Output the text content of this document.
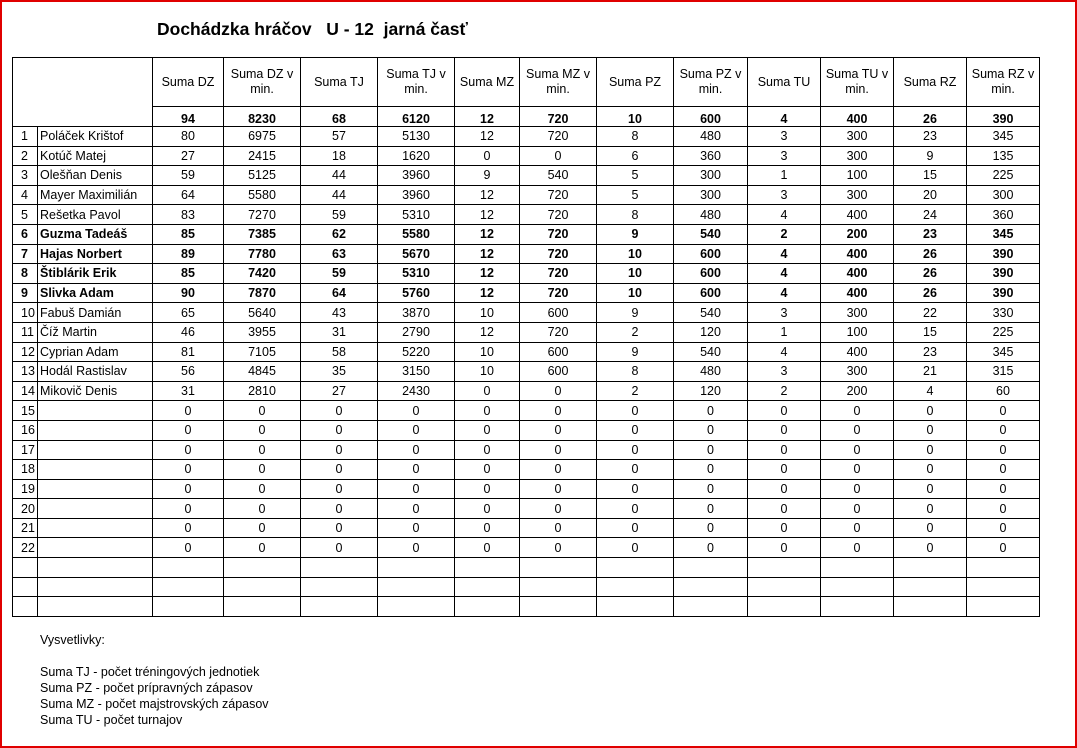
Dochádzka hráčov   U - 12  jarná časť
		Suma DZ	Suma DZ v min.	Suma TJ	Suma TJ v min.	Suma MZ	Suma MZ v min.	Suma PZ	Suma PZ v min.	Suma TU	Suma TU v min.	Suma RZ	Suma RZ v min.
		94	8230	68	6120	12	720	10	600	4	400	26	390
1	Poláček Krištof	80	6975	57	5130	12	720	8	480	3	300	23	345
2	Kotúč Matej	27	2415	18	1620	0	0	6	360	3	300	9	135
3	Olešňan Denis	59	5125	44	3960	9	540	5	300	1	100	15	225
4	Mayer Maximilián	64	5580	44	3960	12	720	5	300	3	300	20	300
5	Rešetka Pavol	83	7270	59	5310	12	720	8	480	4	400	24	360
6	Guzma Tadeáš	85	7385	62	5580	12	720	9	540	2	200	23	345
7	Hajas Norbert	89	7780	63	5670	12	720	10	600	4	400	26	390
8	Štiblárik Erik	85	7420	59	5310	12	720	10	600	4	400	26	390
9	Slivka Adam	90	7870	64	5760	12	720	10	600	4	400	26	390
10	Fabuš Damián	65	5640	43	3870	10	600	9	540	3	300	22	330
11	Číž Martin	46	3955	31	2790	12	720	2	120	1	100	15	225
12	Cyprian Adam	81	7105	58	5220	10	600	9	540	4	400	23	345
13	Hodál Rastislav	56	4845	35	3150	10	600	8	480	3	300	21	315
14	Mikovič Denis	31	2810	27	2430	0	0	2	120	2	200	4	60
15		0	0	0	0	0	0	0	0	0	0	0	0
16		0	0	0	0	0	0	0	0	0	0	0	0
17		0	0	0	0	0	0	0	0	0	0	0	0
18		0	0	0	0	0	0	0	0	0	0	0	0
19		0	0	0	0	0	0	0	0	0	0	0	0
20		0	0	0	0	0	0	0	0	0	0	0	0
21		0	0	0	0	0	0	0	0	0	0	0	0
22		0	0	0	0	0	0	0	0	0	0	0	0

Vysvetlivky:
Suma TJ - počet tréningových jednotiek
Suma PZ - počet prípravných zápasov
Suma MZ - počet majstrovských zápasov
Suma TU - počet turnajov
